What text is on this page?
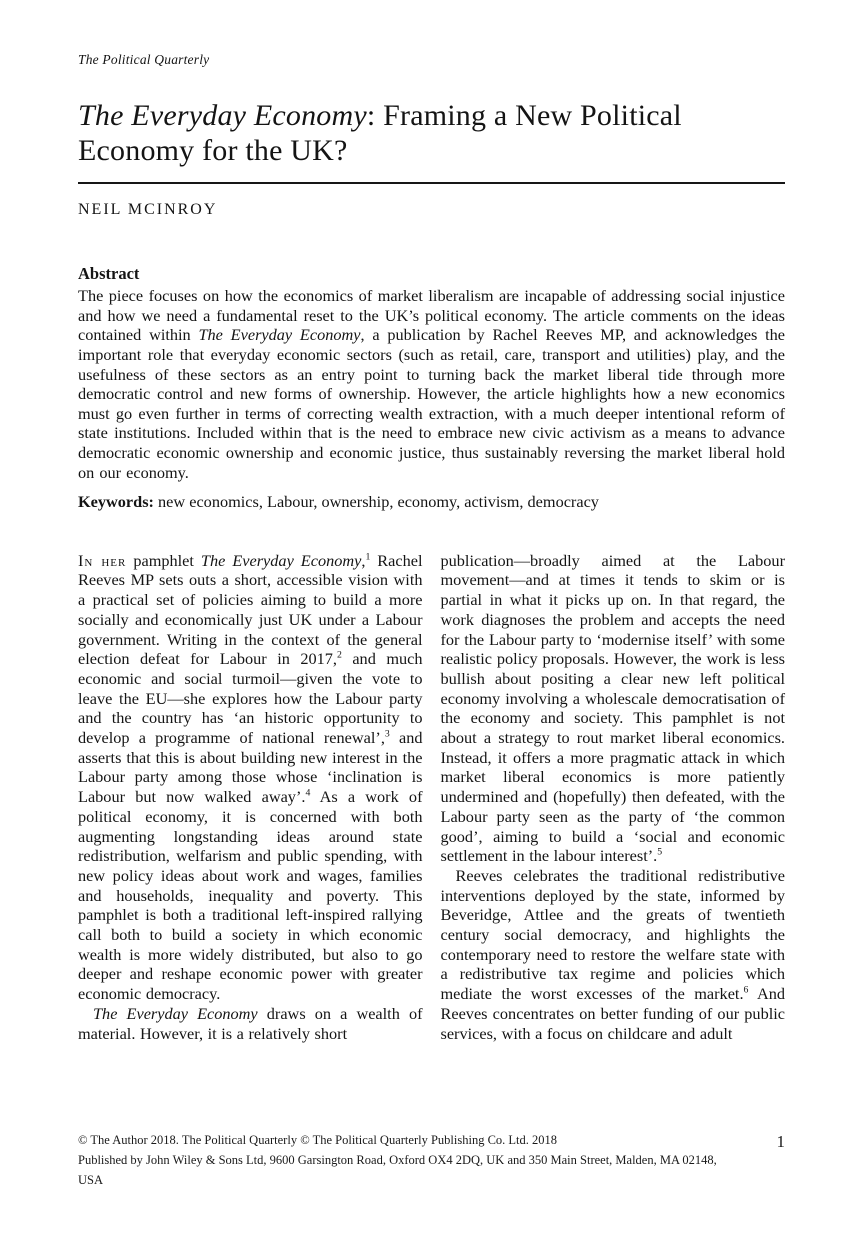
The Political Quarterly
The Everyday Economy: Framing a New Political Economy for the UK?
NEIL MCINROY
Abstract
The piece focuses on how the economics of market liberalism are incapable of addressing social injustice and how we need a fundamental reset to the UK’s political economy. The article comments on the ideas contained within The Everyday Economy, a publication by Rachel Reeves MP, and acknowledges the important role that everyday economic sectors (such as retail, care, transport and utilities) play, and the usefulness of these sectors as an entry point to turning back the market liberal tide through more democratic control and new forms of ownership. However, the article highlights how a new economics must go even further in terms of correcting wealth extraction, with a much deeper intentional reform of state institutions. Included within that is the need to embrace new civic activism as a means to advance democratic economic ownership and economic justice, thus sustainably reversing the market liberal hold on our economy.
Keywords: new economics, Labour, ownership, economy, activism, democracy

In her pamphlet The Everyday Economy,$^1$ Rachel Reeves MP sets outs a short, accessible vision with a practical set of policies aiming to build a more socially and economically just UK under a Labour government. Writing in the context of the general election defeat for Labour in 2017,$^2$ and much economic and social turmoil—given the vote to leave the EU—she explores how the Labour party and the country has ‘an historic opportunity to develop a programme of national renewal’,$^3$ and asserts that this is about building new interest in the Labour party among those whose ‘inclination is Labour but now walked away’.$^4$ As a work of political economy, it is concerned with both augmenting longstanding ideas around state redistribution, welfarism and public spending, with new policy ideas about work and wages, families and households, inequality and poverty. This pamphlet is both a traditional left-inspired rallying call both to build a society in which economic wealth is more widely distributed, but also to go deeper and reshape economic power with greater economic democracy.

The Everyday Economy draws on a wealth of material. However, it is a relatively short

publication—broadly aimed at the Labour movement—and at times it tends to skim or is partial in what it picks up on. In that regard, the work diagnoses the problem and accepts the need for the Labour party to ‘modernise itself’ with some realistic policy proposals. However, the work is less bullish about positing a clear new left political economy involving a wholescale democratisation of the economy and society. This pamphlet is not about a strategy to rout market liberal economics. Instead, it offers a more pragmatic attack in which market liberal economics is more patiently undermined and (hopefully) then defeated, with the Labour party seen as the party of ‘the common good’, aiming to build a ‘social and economic settlement in the labour interest’.$^5$

Reeves celebrates the traditional redistributive interventions deployed by the state, informed by Beveridge, Attlee and the greats of twentieth century social democracy, and highlights the contemporary need to restore the welfare state with a redistributive tax regime and policies which mediate the worst excesses of the market.$^6$ And Reeves concentrates on better funding of our public services, with a focus on childcare and adult

© The Author 2018. The Political Quarterly © The Political Quarterly Publishing Co. Ltd. 2018
Published by John Wiley & Sons Ltd, 9600 Garsington Road, Oxford OX4 2DQ, UK and 350 Main Street, Malden, MA 02148, USA
1
